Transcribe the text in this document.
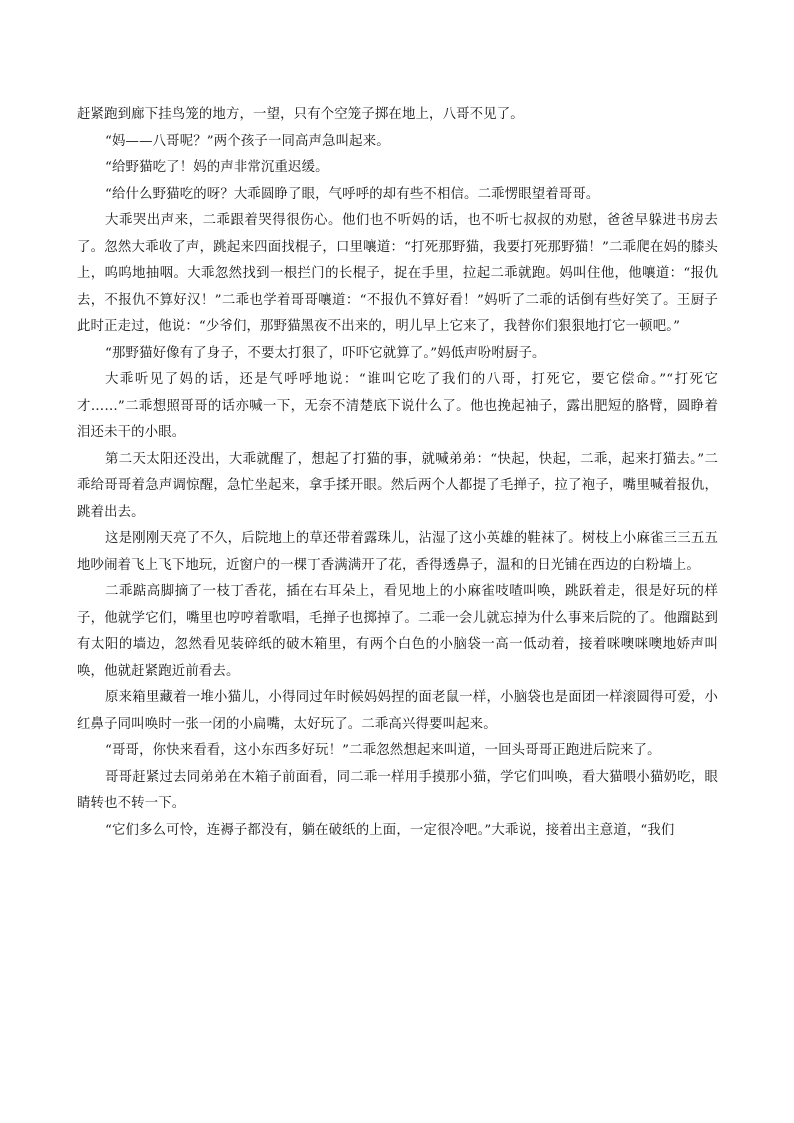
赶紧跑到廊下挂鸟笼的地方，一望，只有个空笼子掷在地上，八哥不见了。

“妈——八哥呢？”两个孩子一同高声急叫起来。

“给野猫吃了！妈的声非常沉重迟缓。

“给什么野猫吃的呀？大乖圆睁了眼，气呼呼的却有些不相信。二乖愣眼望着哥哥。

大乖哭出声来，二乖跟着哭得很伤心。他们也不听妈的话，也不听七叔叔的劝慰，爸爸早躲进书房去了。忽然大乖收了声，跳起来四面找棍子，口里嚷道：“打死那野猫，我要打死那野猫！”二乖爬在妈的膝头上，呜呜地抽咽。大乖忽然找到一根拦门的长棍子，捉在手里，拉起二乖就跑。妈叫住他，他嚷道：“报仇去，不报仇不算好汉！”二乖也学着哥哥嚷道：“不报仇不算好看！”妈听了二乖的话倒有些好笑了。王厨子此时正走过，他说：“少爷们，那野猫黑夜不出来的，明儿早上它来了，我替你们狠狠地打它一顿吧。”

“那野猫好像有了身子，不要太打狠了，吓吓它就算了。”妈低声吩咐厨子。

大乖听见了妈的话，还是气呼呼地说：“谁叫它吃了我们的八哥，打死它，要它偿命。”“打死它才……”二乖想照哥哥的话亦喊一下，无奈不清楚底下说什么了。他也挽起袖子，露出肥短的胳臂，圆睁着泪还未干的小眼。

第二天太阳还没出，大乖就醒了，想起了打猫的事，就喊弟弟：“快起，快起，二乖，起来打猫去。”二乖给哥哥着急声调惊醒，急忙坐起来，拿手揉开眼。然后两个人都提了毛掸子，拉了袍子，嘴里喊着报仇，跳着出去。

这是刚刚天亮了不久，后院地上的草还带着露珠儿，沾湿了这小英雄的鞋袜了。树枝上小麻雀三三五五地吵闹着飞上飞下地玩，近窗户的一棵丁香满满开了花，香得透鼻子，温和的日光铺在西边的白粉墙上。

二乖踮高脚摘了一枝丁香花，插在右耳朵上，看见地上的小麻雀吱喳叫唤，跳跃着走，很是好玩的样子，他就学它们，嘴里也哼哼着歌唱，毛掸子也掷掉了。二乖一会儿就忘掉为什么事来后院的了。他蹓跶到有太阳的墙边，忽然看见装碎纸的破木箱里，有两个白色的小脑袋一高一低动着，接着咪噢咪噢地娇声叫唤，他就赶紧跑近前看去。

原来箱里藏着一堆小猫儿，小得同过年时候妈妈捏的面老鼠一样，小脑袋也是面团一样滚圆得可爱，小红鼻子同叫唤时一张一闭的小扁嘴，太好玩了。二乖高兴得要叫起来。

“哥哥，你快来看看，这小东西多好玩！”二乖忽然想起来叫道，一回头哥哥正跑进后院来了。

哥哥赶紧过去同弟弟在木箱子前面看，同二乖一样用手摸那小猫，学它们叫唤，看大猫喂小猫奶吃，眼睛转也不转一下。

“它们多么可怜，连褥子都没有，躺在破纸的上面，一定很冷吧。”大乖说，接着出主意道，“我们
